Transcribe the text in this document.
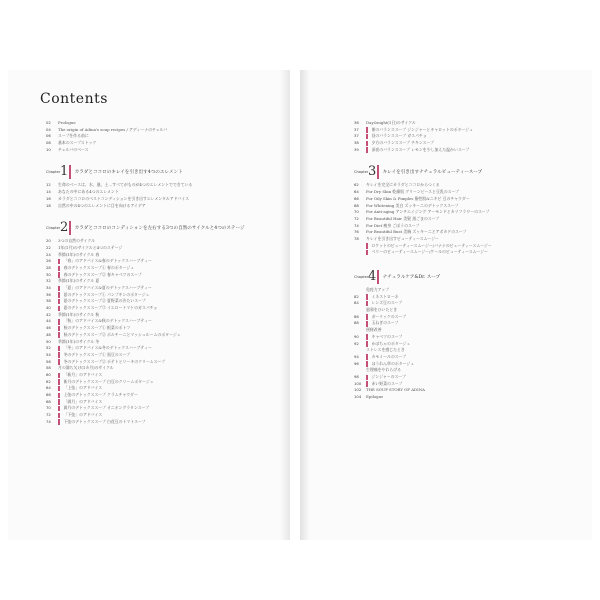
Contents
02	Prologue
04	The origin of Adina's soup recipes / アディーナのチェルバ
06	スープを作る前に
08	基本のスープストック
10	チェルバのベース
Chapter 1 カラダとココロのキレイを引き出す4つのエレメント
12	生命のベースは、水、風、土…すべてがものが4つのエレメントでできている
14	あなたの中にある4つのエレメント
16	カラダとココロのベストコンディションを引き出すエレメンタルアドバイス
18	自然の中の4つのエレメントに目を向けるアイデア
Chapter 2 カラダとココロのコンディションを左右する3つの自然のサイクルと4つのステージ
20	3つの自然のサイクル
22	1年(1月)のサイクルと4つのステージ
24	季節(1年)のサイクル 春
26	「春」のアドバイス&春のデトックスハーブティー
28	春のデトックススープ① 春のポタージュ
30	春のデトックススープ② 春キャベツのスープ
32	季節(1年)のサイクル 夏
34	「夏」のアドバイス&夏のデトックスハーブティー
36	夏のデトックススープ① パンプキンのポタージュ
38	夏のデトックススープ② 夏野菜の冷たいスープ
40	夏のデトックススープ③ イエロートマトのガスパチョ
42	季節(1年)のサイクル 秋
44	「秋」のアドバイス&秋のデトックスハーブティー
46	秋のデトックススープ① 根菜のポトフ
48	秋のデトックススープ② ポルチーニとマッシュルームのポタージュ
50	季節(1年)のサイクル 冬
52	「冬」のアドバイス&冬のデトックスハーブティー
54	冬のデトックススープ① 黒豆のスープ
56	冬のデトックススープ② ポテトとリーキのクリームスープ
58	月の満ち欠け(1カ月)のサイクル
60	「新月」のアドバイス
62	新月のデトックススープ 白豆のクリームポタージュ
64	「上弦」のアドバイス
66	上弦のデトックススープ クラムチャウダー
68	「満月」のアドバイス
70	満月のデトックススープ オニオングラタンスープ
72	「下弦」のアドバイス
74	下弦のデトックススープ 白花豆のトマトスープ
36	Day&night(1日)のサイクル
37	朝のバランススープ ジンジャーとキャロットのポタージュ
37	昼のバランススープ ガスパチョ
38	夕方のバランススープ チキンスープ
39	深夜のバランススープ レモンを少し加えた温かいスープ
Chapter 3 キレイを引き出すナチュラルビューティースープ
62	キレイを完全にカラダとココロからつくる
64	For Dry Skin 乾燥肌 グリーンピースと豆乳のスープ
66	For Oily Skin & Pimples 脂性肌&ニキビ 豆のチャウダー
68	For Whitening 美白 ズッキーニのデトックススープ
70	For Anti-aging アンチエイジング アーモンドとカリフラワーのスープ
72	For Beautiful Hair 美髪 黒ごまのスープ
74	For Diet 痩身 ごぼうのスープ
76	For Beautiful Bust 美胸 ズッキーニとアボカドのスープ
78	キレイを引き出すビューティースムージー
ロケットのビューティースムージー/バナナのビューティースムージー
ベリーのビューティースムージー/ケールのビューティースムージー
Chapter 4 ナチュラルケア&Dr. スープ
免疫力アップ
82	ミネストローネ
84	レンズ豆のスープ
風邪をひいたとき
86	ガーリックのスープ
88	玉ねぎのスープ
便秘改善
90	キャベツのスープ
92	かぼちゃのポタージュ
ストレスを感じたとき
94	カモミールのスープ
96	ほうれん草のポタージュ
生理痛をやわらげる
98	ジンジャーのスープ
100	赤い野菜のスープ
102	THE SOUP STORY OF ADINA
104	Epilogue
